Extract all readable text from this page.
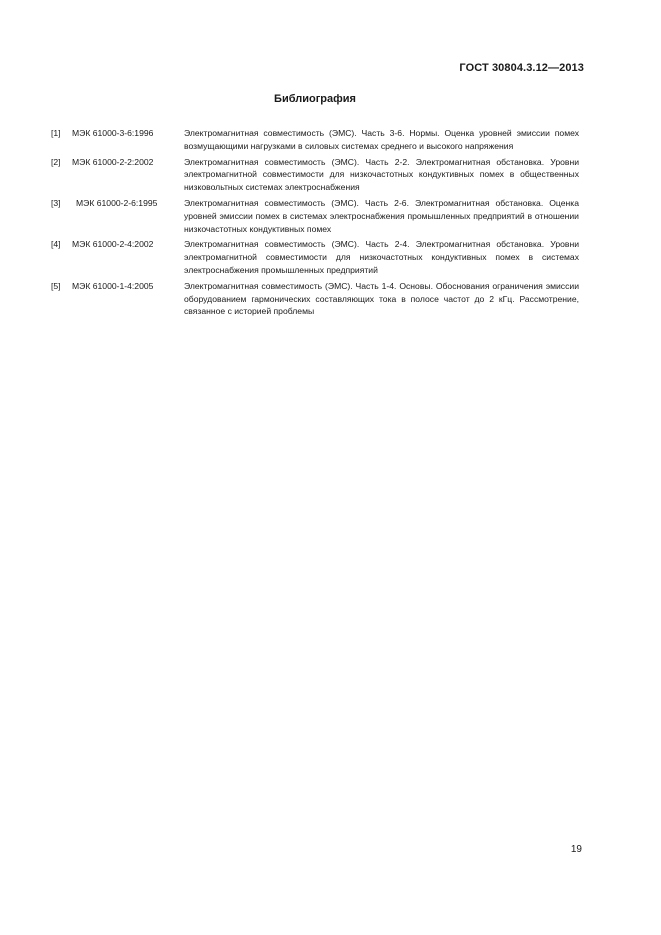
ГОСТ 30804.3.12—2013
Библиография
[1] МЭК 61000-3-6:1996	Электромагнитная совместимость (ЭМС). Часть 3-6. Нормы. Оценка уровней эмиссии помех возмущающими нагрузками в силовых системах среднего и высокого напряжения
[2] МЭК 61000-2-2:2002	Электромагнитная совместимость (ЭМС). Часть 2-2. Электромагнитная обстановка. Уровни электромагнитной совместимости для низкочастотных кондуктивных помех в общественных низковольтных системах электроснабжения
[3] МЭК 61000-2-6:1995	Электромагнитная совместимость (ЭМС). Часть 2-6. Электромагнитная обстановка. Оценка уровней эмиссии помех в системах электроснабжения промышленных предприятий в отношении низкочастотных кондуктивных помех
[4] МЭК 61000-2-4:2002	Электромагнитная совместимость (ЭМС). Часть 2-4. Электромагнитная обстановка. Уровни электромагнитной совместимости для низкочастотных кондуктивных помех в системах электроснабжения промышленных предприятий
[5] МЭК 61000-1-4:2005	Электромагнитная совместимость (ЭМС). Часть 1-4. Основы. Обоснования ограничения эмиссии оборудованием гармонических составляющих тока в полосе частот до 2 кГц. Рассмотрение, связанное с историей проблемы
19
